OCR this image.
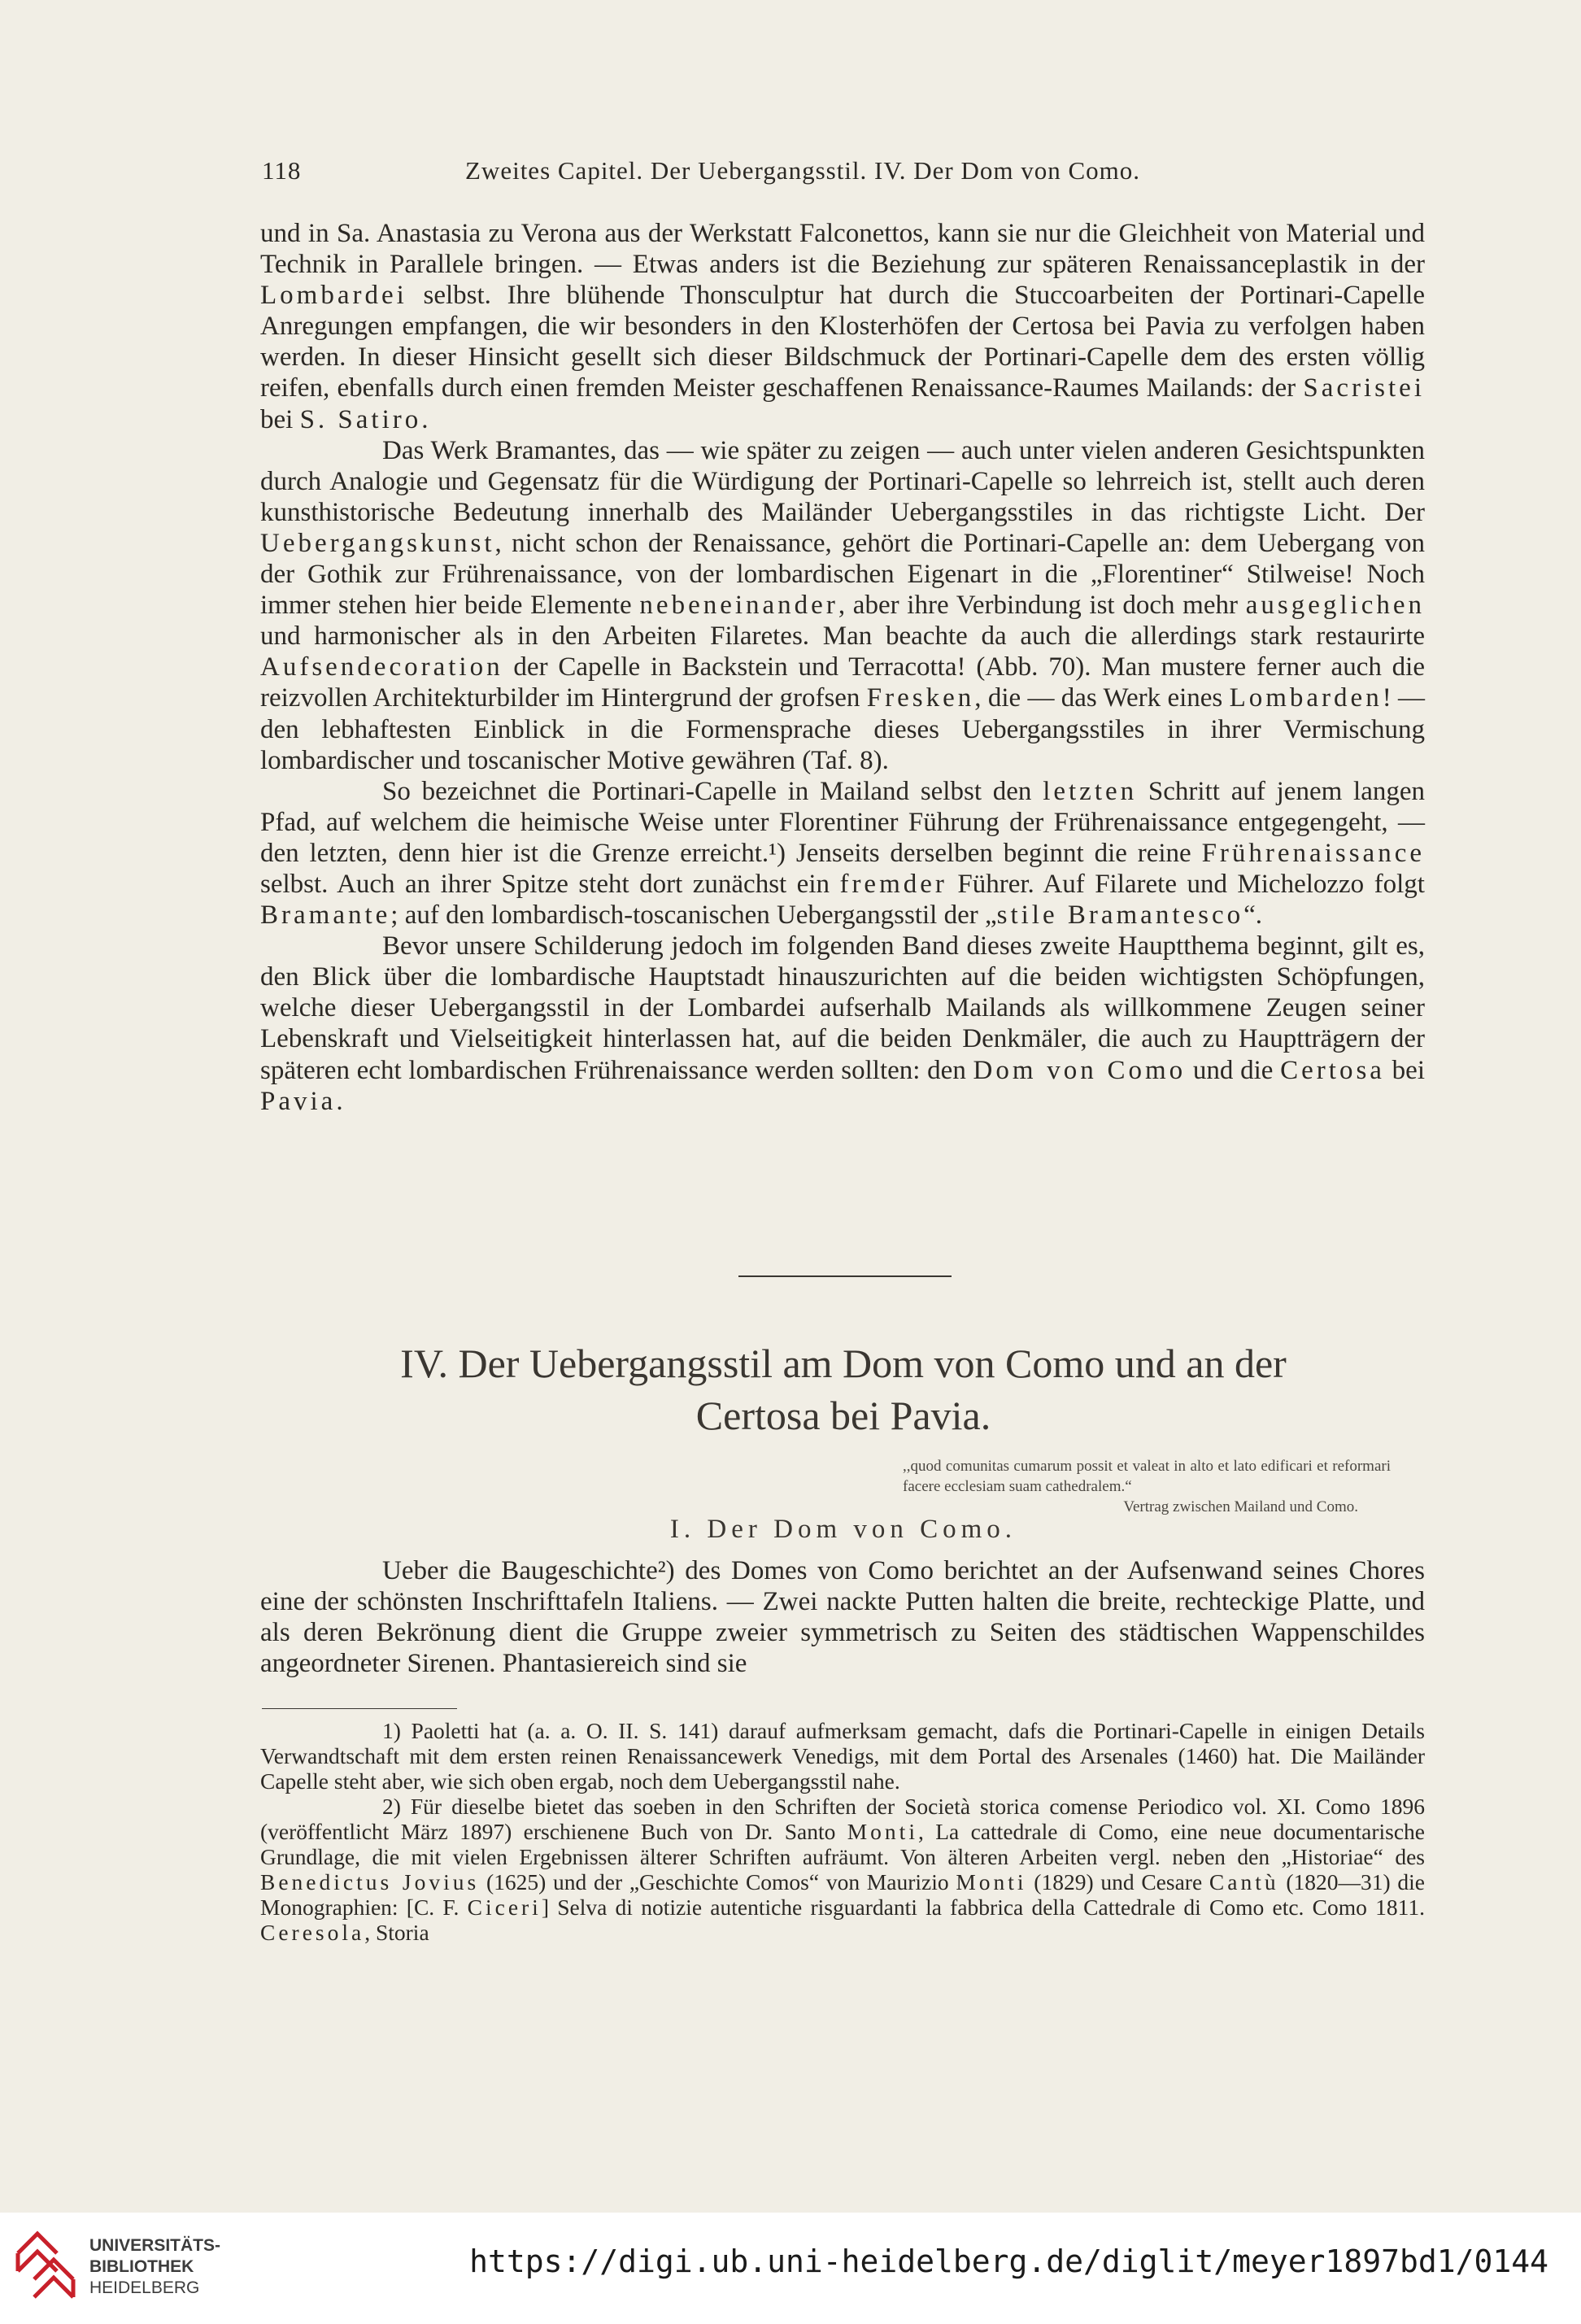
118	Zweites Capitel. Der Uebergangsstil. IV. Der Dom von Como.

und in Sa. Anastasia zu Verona aus der Werkstatt Falconettos, kann sie nur die Gleichheit von Material und Technik in Parallele bringen. — Etwas anders ist die Beziehung zur späteren Renaissanceplastik in der Lombardei selbst. Ihre blühende Thonsculptur hat durch die Stuccoarbeiten der Portinari-Capelle Anregungen empfangen, die wir besonders in den Klosterhöfen der Certosa bei Pavia zu verfolgen haben werden. In dieser Hinsicht gesellt sich dieser Bildschmuck der Portinari-Capelle dem des ersten völlig reifen, ebenfalls durch einen fremden Meister geschaffenen Renaissance-Raumes Mailands: der Sacristei bei S. Satiro.

Das Werk Bramantes, das — wie später zu zeigen — auch unter vielen anderen Gesichtspunkten durch Analogie und Gegensatz für die Würdigung der Portinari-Capelle so lehrreich ist, stellt auch deren kunsthistorische Bedeutung innerhalb des Mailänder Uebergangsstiles in das richtigste Licht. Der Uebergangskunst, nicht schon der Renaissance, gehört die Portinari-Capelle an: dem Uebergang von der Gothik zur Frührenaissance, von der lombardischen Eigenart in die „Florentiner“ Stilweise! Noch immer stehen hier beide Elemente nebeneinander, aber ihre Verbindung ist doch mehr ausgeglichen und harmonischer als in den Arbeiten Filaretes. Man beachte da auch die allerdings stark restaurirte Aufsendecoration der Capelle in Backstein und Terracotta! (Abb. 70). Man mustere ferner auch die reizvollen Architekturbilder im Hintergrund der grofsen Fresken, die — das Werk eines Lombarden! — den lebhaftesten Einblick in die Formensprache dieses Uebergangsstiles in ihrer Vermischung lombardischer und toscanischer Motive gewähren (Taf. 8).

So bezeichnet die Portinari-Capelle in Mailand selbst den letzten Schritt auf jenem langen Pfad, auf welchem die heimische Weise unter Florentiner Führung der Frührenaissance entgegengeht, — den letzten, denn hier ist die Grenze erreicht.¹) Jenseits derselben beginnt die reine Frührenaissance selbst. Auch an ihrer Spitze steht dort zunächst ein fremder Führer. Auf Filarete und Michelozzo folgt Bramante; auf den lombardisch-toscanischen Uebergangsstil der „stile Bramantesco“.

Bevor unsere Schilderung jedoch im folgenden Band dieses zweite Hauptthema beginnt, gilt es, den Blick über die lombardische Hauptstadt hinauszurichten auf die beiden wichtigsten Schöpfungen, welche dieser Uebergangsstil in der Lombardei aufserhalb Mailands als willkommene Zeugen seiner Lebenskraft und Vielseitigkeit hinterlassen hat, auf die beiden Denkmäler, die auch zu Hauptträgern der späteren echt lombardischen Frührenaissance werden sollten: den Dom von Como und die Certosa bei Pavia.

IV. Der Uebergangsstil am Dom von Como und an der
Certosa bei Pavia.
,,quod comunitas cumarum possit et valeat in alto et lato edificari et reformari facere ecclesiam suam cathedralem.“
Vertrag zwischen Mailand und Como.
I. Der Dom von Como.

Ueber die Baugeschichte²) des Domes von Como berichtet an der Aufsenwand seines Chores eine der schönsten Inschrifttafeln Italiens. — Zwei nackte Putten halten die breite, rechteckige Platte, und als deren Bekrönung dient die Gruppe zweier symmetrisch zu Seiten des städtischen Wappenschildes angeordneter Sirenen. Phantasiereich sind sie

1) Paoletti hat (a. a. O. II. S. 141) darauf aufmerksam gemacht, dafs die Portinari-Capelle in einigen Details Verwandtschaft mit dem ersten reinen Renaissancewerk Venedigs, mit dem Portal des Arsenales (1460) hat. Die Mailänder Capelle steht aber, wie sich oben ergab, noch dem Uebergangsstil nahe.

2) Für dieselbe bietet das soeben in den Schriften der Società storica comense Periodico vol. XI. Como 1896 (veröffentlicht März 1897) erschienene Buch von Dr. Santo Monti, La cattedrale di Como, eine neue documentarische Grundlage, die mit vielen Ergebnissen älterer Schriften aufräumt. Von älteren Arbeiten vergl. neben den „Historiae“ des Benedictus Jovius (1625) und der „Geschichte Comos“ von Maurizio Monti (1829) und Cesare Cantù (1820—31) die Monographien: [C. F. Ciceri] Selva di notizie autentiche risguardanti la fabbrica della Cattedrale di Como etc. Como 1811. Ceresola, Storia

UNIVERSITÄTS-
BIBLIOTHEK
HEIDELBERG
https://digi.ub.uni-heidelberg.de/diglit/meyer1897bd1/0144
